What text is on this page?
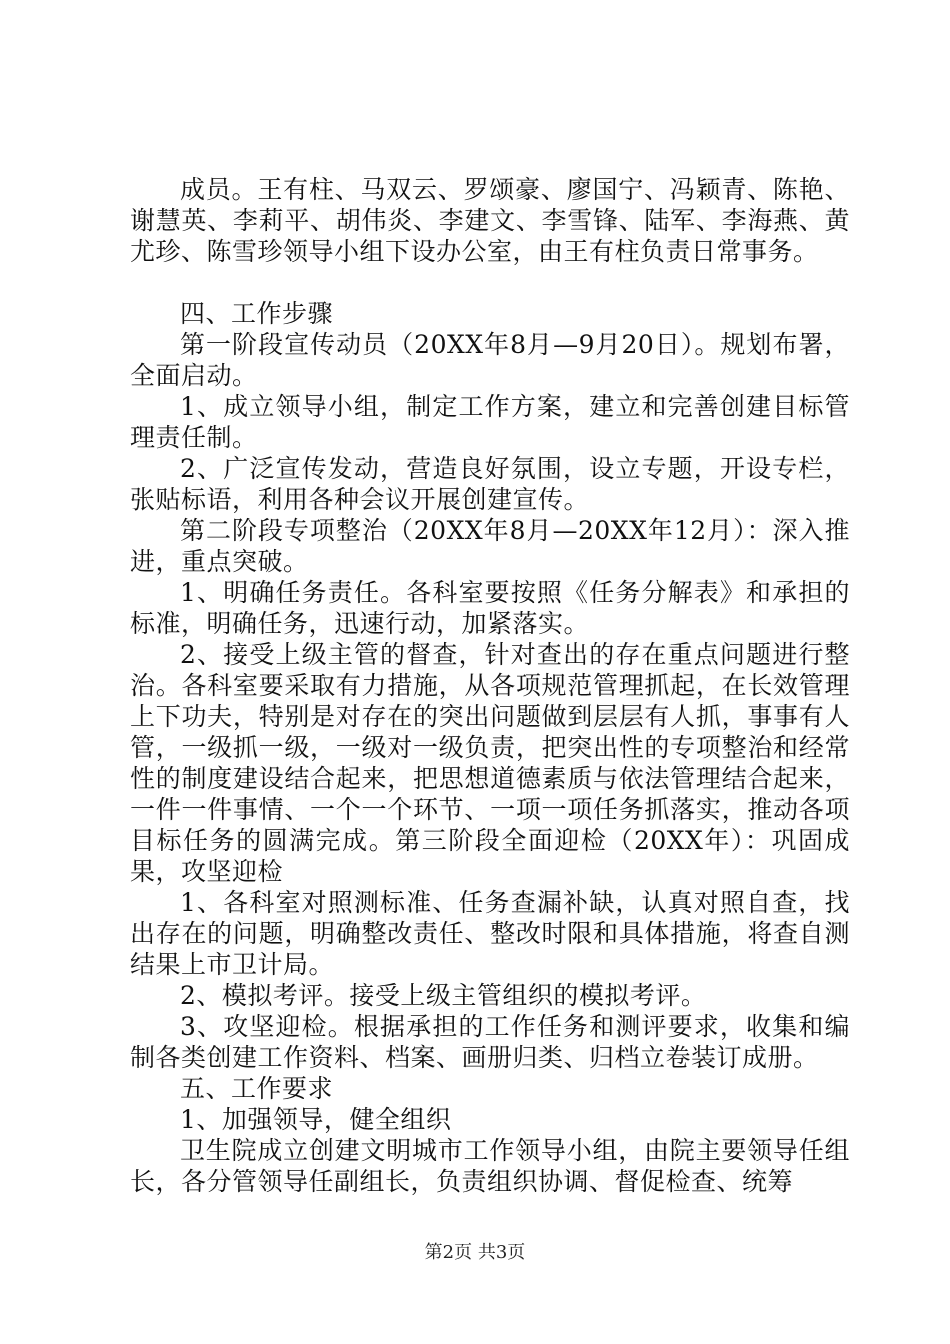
成员。王有柱、马双云、罗颂豪、廖国宁、冯颖青、陈艳、谢慧英、李莉平、胡伟炎、李建文、李雪锋、陆军、李海燕、黄尤珍、陈雪珍领导小组下设办公室，由王有柱负责日常事务。

四、工作步骤

第一阶段宣传动员（20XX年8月—9月20日）。规划布署，全面启动。

1、成立领导小组，制定工作方案，建立和完善创建目标管理责任制。

2、广泛宣传发动，营造良好氛围，设立专题，开设专栏，张贴标语，利用各种会议开展创建宣传。

第二阶段专项整治（20XX年8月—20XX年12月）：深入推进，重点突破。

1、明确任务责任。各科室要按照《任务分解表》和承担的标准，明确任务，迅速行动，加紧落实。

2、接受上级主管的督查，针对查出的存在重点问题进行整治。各科室要采取有力措施，从各项规范管理抓起，在长效管理上下功夫，特别是对存在的突出问题做到层层有人抓，事事有人管，一级抓一级，一级对一级负责，把突出性的专项整治和经常性的制度建设结合起来，把思想道德素质与依法管理结合起来，一件一件事情、一个一个环节、一项一项任务抓落实，推动各项目标任务的圆满完成。第三阶段全面迎检（20XX年）：巩固成果，攻坚迎检

1、各科室对照测标准、任务查漏补缺，认真对照自查，找出存在的问题，明确整改责任、整改时限和具体措施，将查自测结果上市卫计局。

2、模拟考评。接受上级主管组织的模拟考评。

3、攻坚迎检。根据承担的工作任务和测评要求，收集和编制各类创建工作资料、档案、画册归类、归档立卷装订成册。

五、工作要求

1、加强领导，健全组织

卫生院成立创建文明城市工作领导小组，由院主要领导任组长，各分管领导任副组长，负责组织协调、督促检查、统筹

第2页 共3页
